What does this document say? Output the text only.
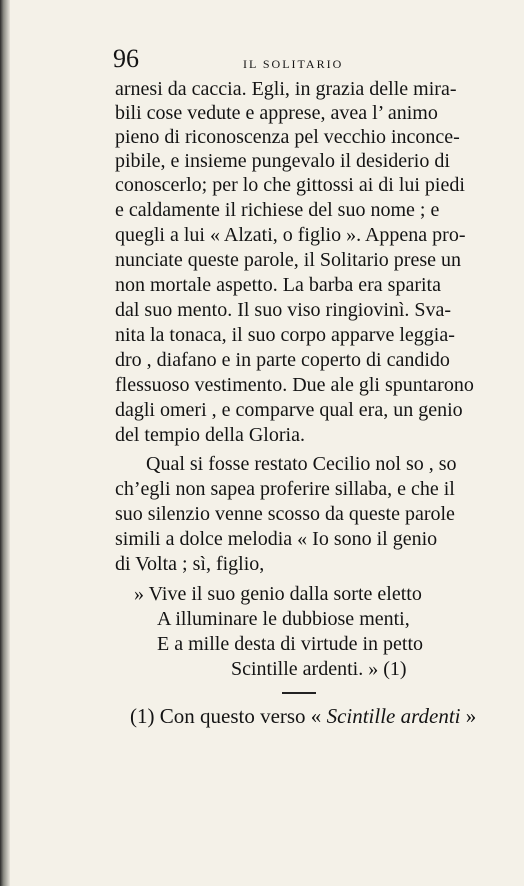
96	IL SOLITARIO
arnesi da caccia. Egli, in grazia delle mira-
bili cose vedute e apprese, avea l’ animo
pieno di riconoscenza pel vecchio inconce-
pibile, e insieme pungevalo il desiderio di
conoscerlo; per lo che gittossi ai di lui piedi
e caldamente il richiese del suo nome ; e
quegli a lui « Alzati, o figlio ». Appena pro-
nunciate queste parole, il Solitario prese un
non mortale aspetto. La barba era sparita
dal suo mento. Il suo viso ringiovinì. Sva-
nita la tonaca, il suo corpo apparve leggia-
dro , diafano e in parte coperto di candido
flessuoso vestimento. Due ale gli spuntarono
dagli omeri , e comparve qual era, un genio
del tempio della Gloria.
Qual si fosse restato Cecilio nol so , so
ch’egli non sapea proferire sillaba, e che il
suo silenzio venne scosso da queste parole
simili a dolce melodia « Io sono il genio
di Volta ; sì, figlio,
» Vive il suo genio dalla sorte eletto
A illuminare le dubbiose menti,
E a mille desta di virtude in petto
Scintille ardenti. » (1)
(1) Con questo verso « Scintille ardenti »
